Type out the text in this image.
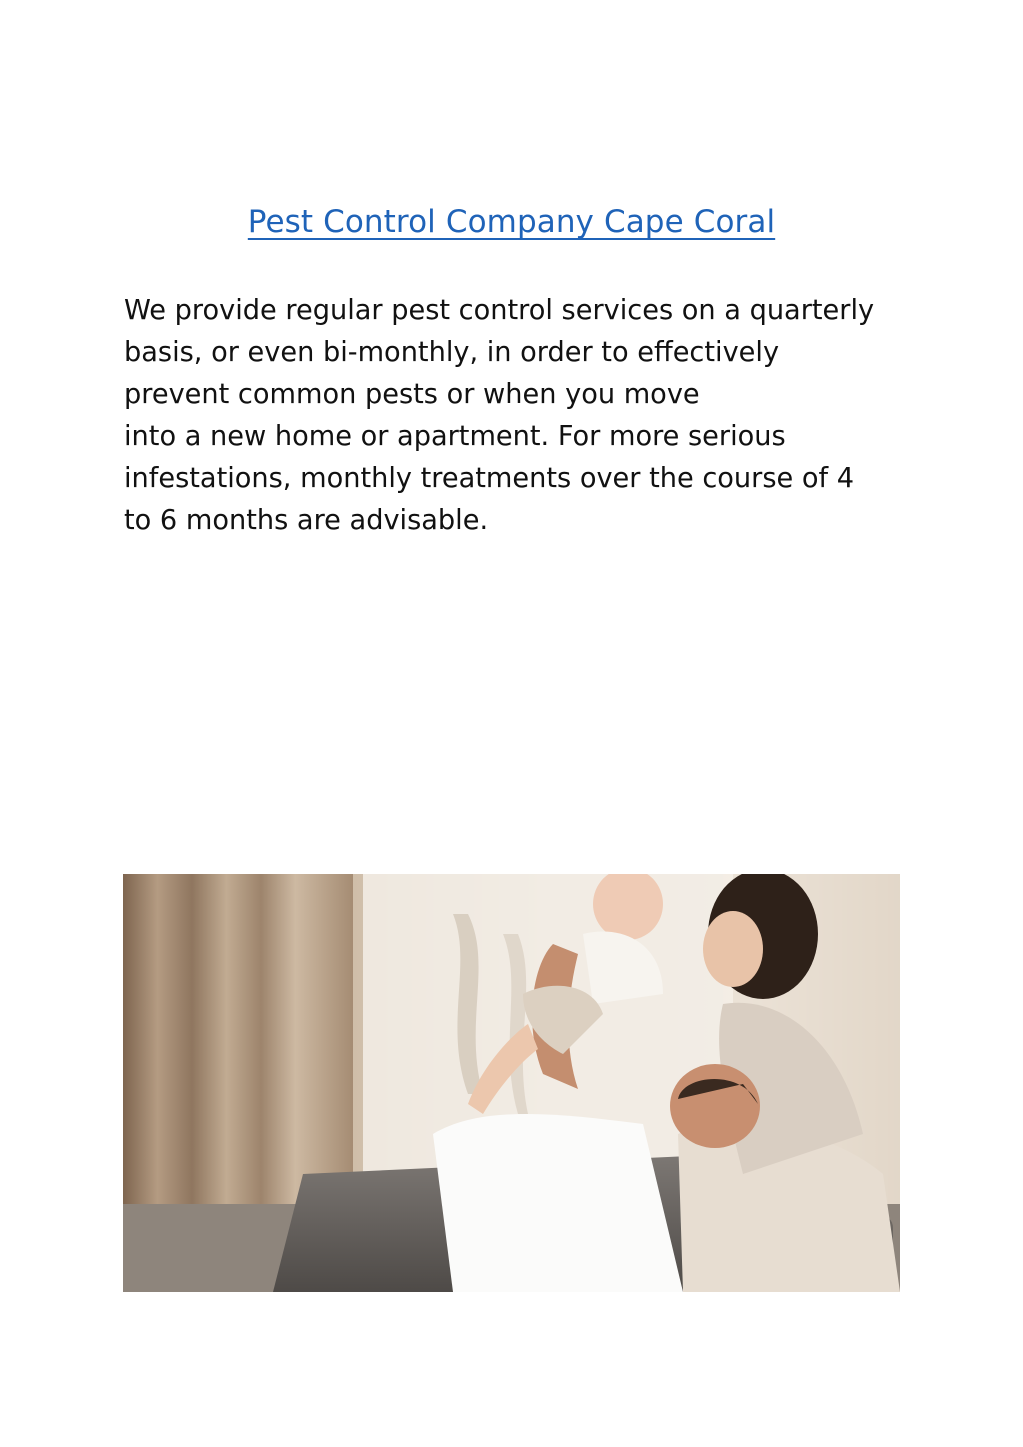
Pest Control Company Cape Coral
We provide regular pest control services on a quarterly
basis, or even bi-monthly, in order to effectively
prevent common pests or when you move
into a new home or apartment. For more serious
infestations, monthly treatments over the course of 4
to 6 months are advisable.
